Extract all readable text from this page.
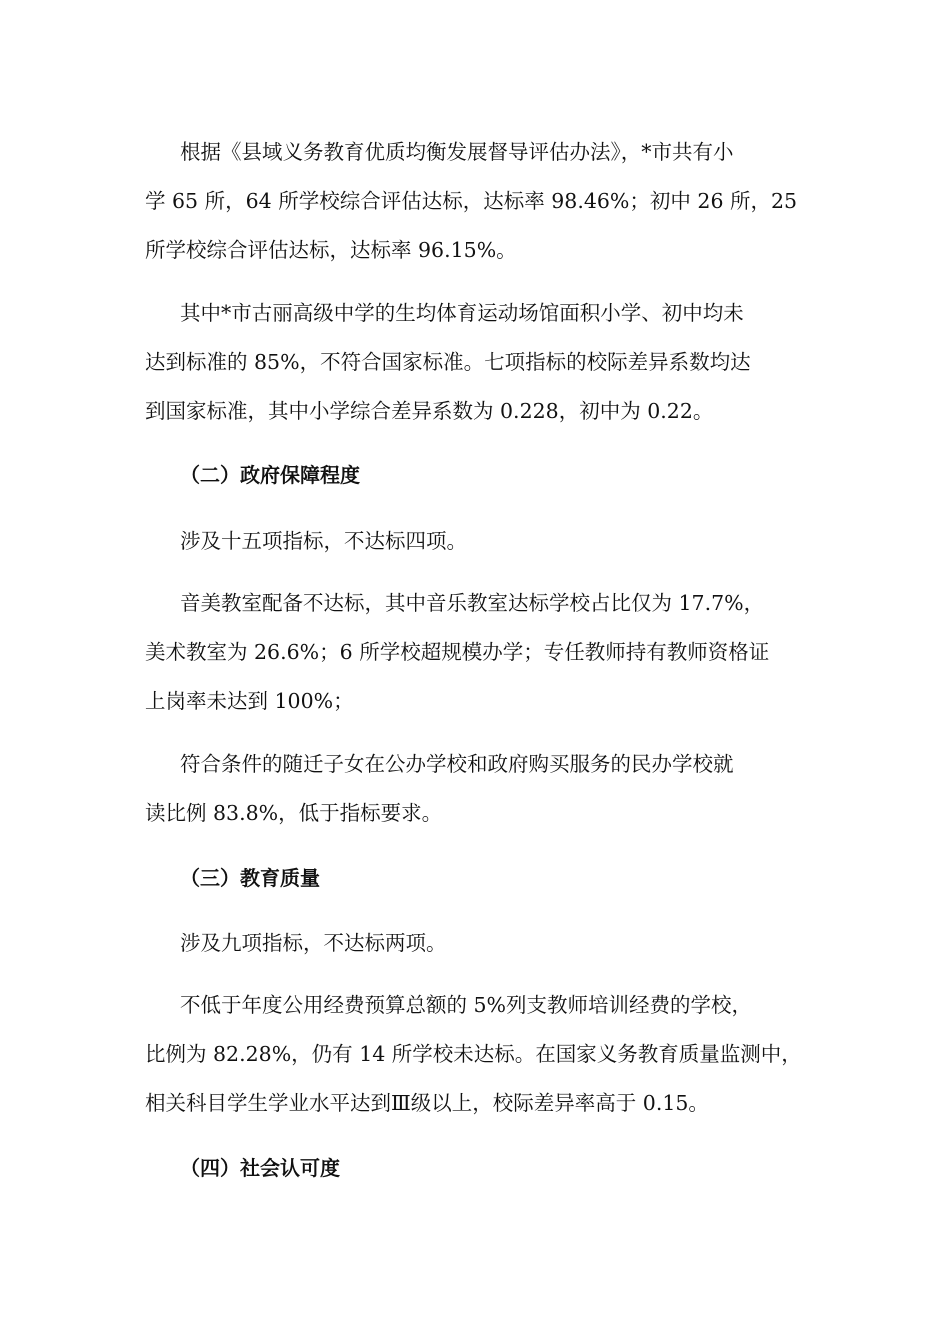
根据《县域义务教育优质均衡发展督导评估办法》，*市共有小
学 65 所，64 所学校综合评估达标，达标率 98.46%；初中 26 所，25
所学校综合评估达标，达标率 96.15%。
其中*市古丽高级中学的生均体育运动场馆面积小学、初中均未
达到标准的 85%，不符合国家标准。七项指标的校际差异系数均达
到国家标准，其中小学综合差异系数为 0.228，初中为 0.22。
（二）政府保障程度
涉及十五项指标，不达标四项。
音美教室配备不达标，其中音乐教室达标学校占比仅为 17.7%，
美术教室为 26.6%；6 所学校超规模办学；专任教师持有教师资格证
上岗率未达到 100%；
符合条件的随迁子女在公办学校和政府购买服务的民办学校就
读比例 83.8%，低于指标要求。
（三）教育质量
涉及九项指标，不达标两项。
不低于年度公用经费预算总额的 5%列支教师培训经费的学校，
比例为 82.28%，仍有 14 所学校未达标。在国家义务教育质量监测中，
相关科目学生学业水平达到Ⅲ级以上，校际差异率高于 0.15。
（四）社会认可度
